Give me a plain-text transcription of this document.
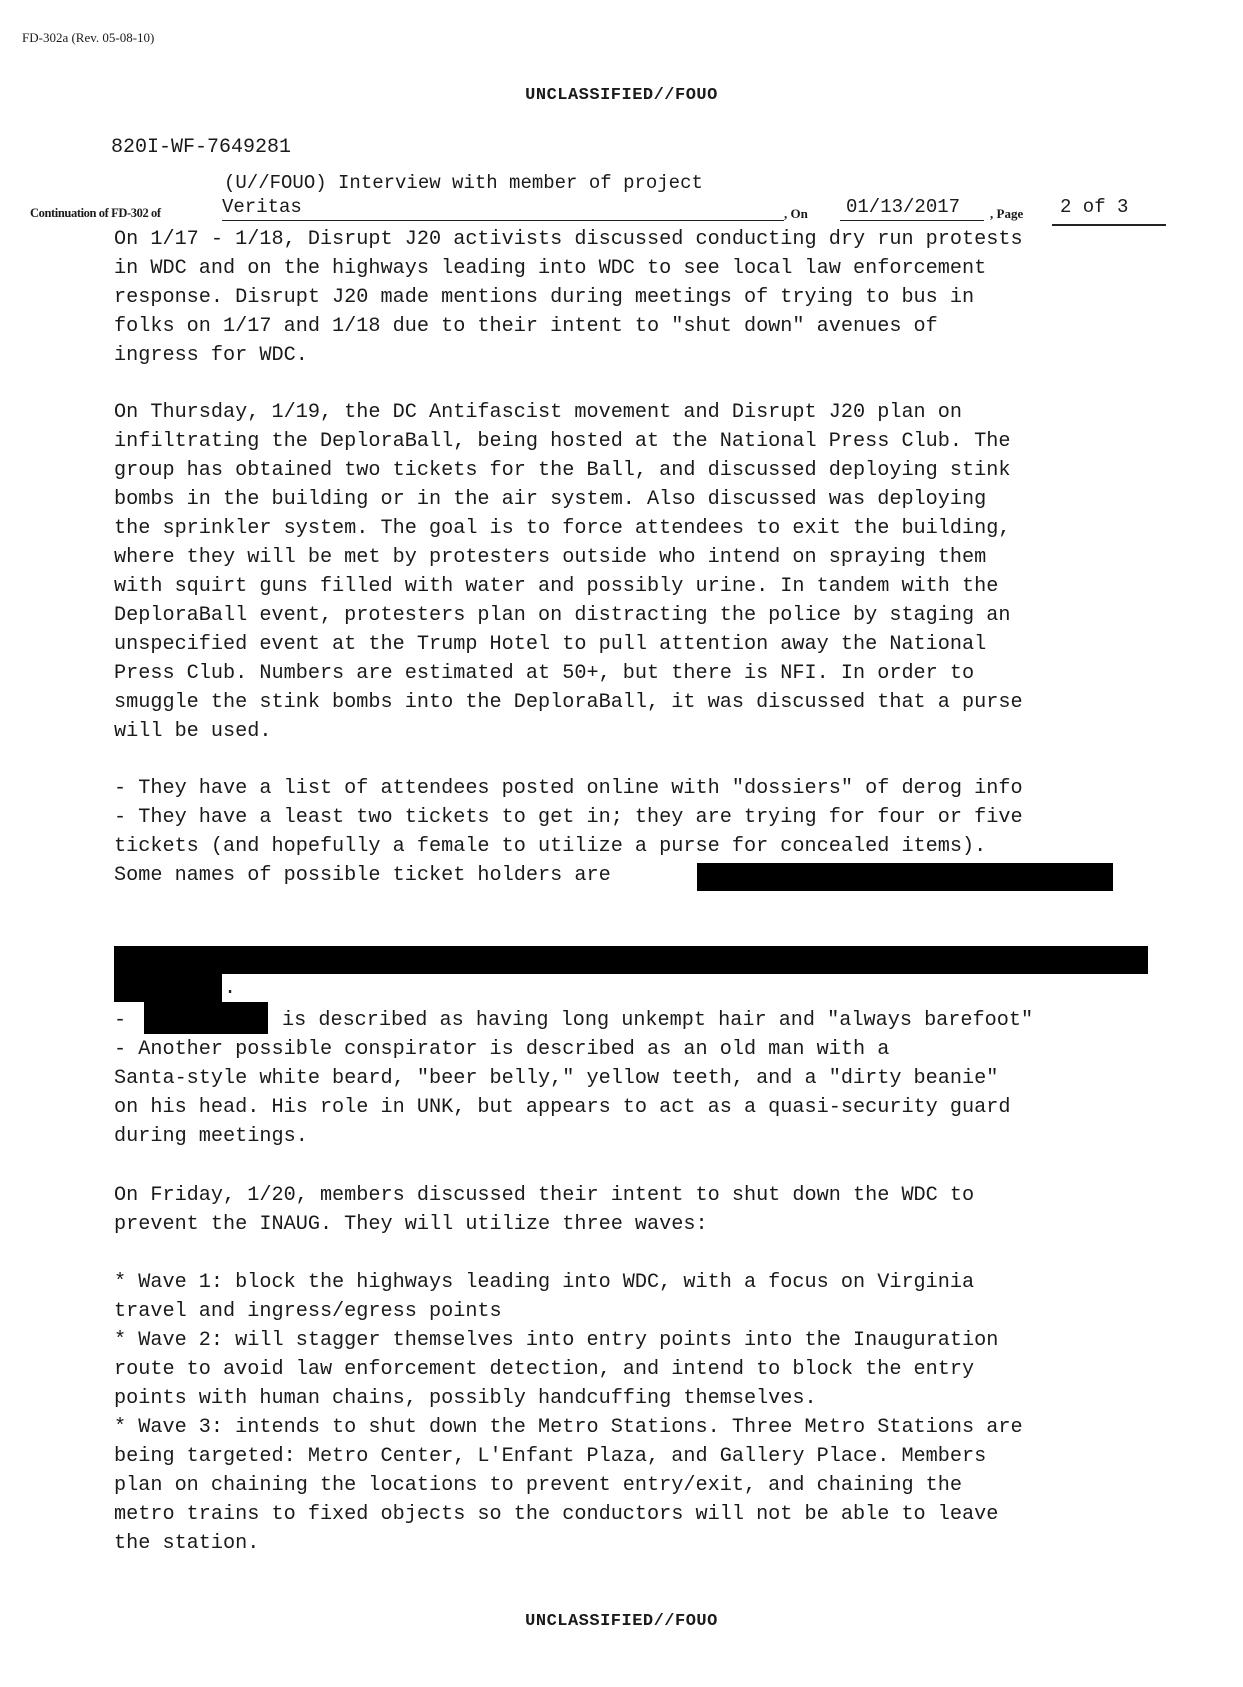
FD-302a (Rev. 05-08-10)
UNCLASSIFIED//FOUO
820I-WF-7649281
(U//FOUO) Interview with member of project
Continuation of FD-302 of	Veritas	, On 01/13/2017 , Page 2 of 3
On 1/17 - 1/18, Disrupt J20 activists discussed conducting dry run protests
in WDC and on the highways leading into WDC to see local law enforcement
response. Disrupt J20 made mentions during meetings of trying to bus in
folks on 1/17 and 1/18 due to their intent to "shut down" avenues of
ingress for WDC.
On Thursday, 1/19, the DC Antifascist movement and Disrupt J20 plan on
infiltrating the DeploraBall, being hosted at the National Press Club. The
group has obtained two tickets for the Ball, and discussed deploying stink
bombs in the building or in the air system. Also discussed was deploying
the sprinkler system. The goal is to force attendees to exit the building,
where they will be met by protesters outside who intend on spraying them
with squirt guns filled with water and possibly urine. In tandem with the
DeploraBall event, protesters plan on distracting the police by staging an
unspecified event at the Trump Hotel to pull attention away the National
Press Club. Numbers are estimated at 50+, but there is NFI. In order to
smuggle the stink bombs into the DeploraBall, it was discussed that a purse
will be used.
- They have a list of attendees posted online with "dossiers" of derog info
- They have a least two tickets to get in; they are trying for four or five
tickets (and hopefully a female to utilize a purse for concealed items).
Some names of possible ticket holders are
.
-	is described as having long unkempt hair and "always barefoot"
- Another possible conspirator is described as an old man with a
Santa-style white beard, "beer belly," yellow teeth, and a "dirty beanie"
on his head. His role in UNK, but appears to act as a quasi-security guard
during meetings.
On Friday, 1/20, members discussed their intent to shut down the WDC to
prevent the INAUG. They will utilize three waves:
* Wave 1: block the highways leading into WDC, with a focus on Virginia
travel and ingress/egress points
* Wave 2: will stagger themselves into entry points into the Inauguration
route to avoid law enforcement detection, and intend to block the entry
points with human chains, possibly handcuffing themselves.
* Wave 3: intends to shut down the Metro Stations. Three Metro Stations are
being targeted: Metro Center, L'Enfant Plaza, and Gallery Place. Members
plan on chaining the locations to prevent entry/exit, and chaining the
metro trains to fixed objects so the conductors will not be able to leave
the station.
UNCLASSIFIED//FOUO
